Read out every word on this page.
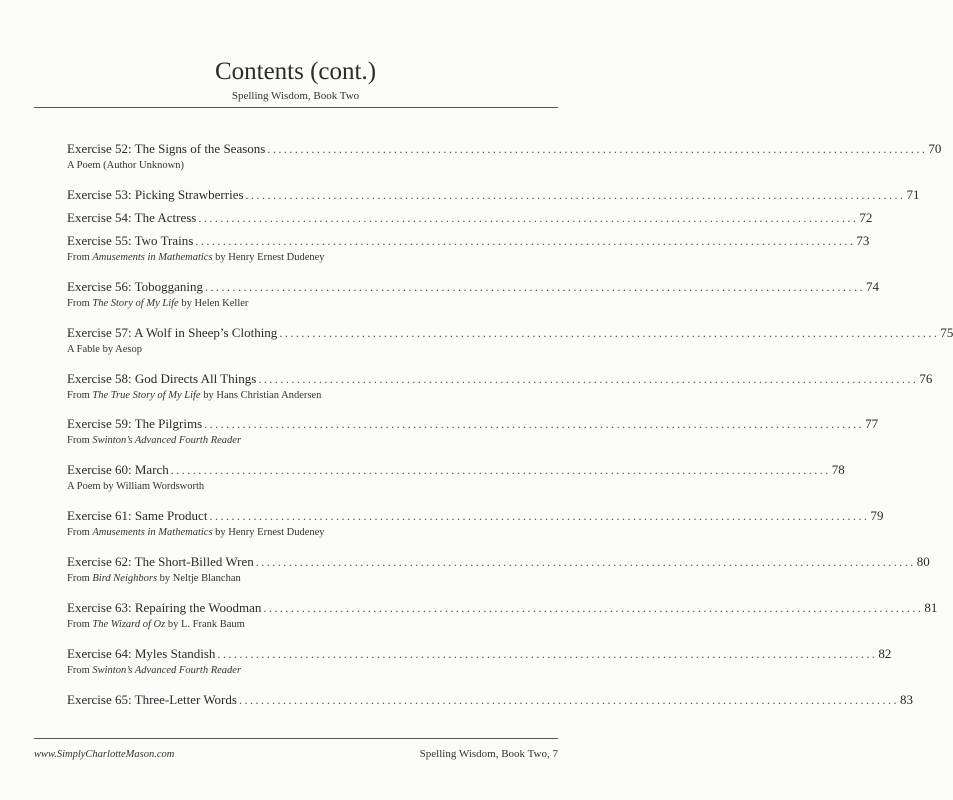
Contents (cont.)
Spelling Wisdom, Book Two
Exercise 52: The Signs of the Seasons ........................................................................................................................ 70
A Poem (Author Unknown)
Exercise 53: Picking Strawberries ........................................................................................................................ 71
Exercise 54: The Actress ........................................................................................................................ 72
Exercise 55: Two Trains ........................................................................................................................ 73
From Amusements in Mathematics by Henry Ernest Dudeney
Exercise 56: Tobogganing ........................................................................................................................ 74
From The Story of My Life by Helen Keller
Exercise 57: A Wolf in Sheep’s Clothing ........................................................................................................................ 75
A Fable by Aesop
Exercise 58: God Directs All Things ........................................................................................................................ 76
From The True Story of My Life by Hans Christian Andersen
Exercise 59: The Pilgrims ........................................................................................................................ 77
From Swinton’s Advanced Fourth Reader
Exercise 60: March ........................................................................................................................ 78
A Poem by William Wordsworth
Exercise 61: Same Product ........................................................................................................................ 79
From Amusements in Mathematics by Henry Ernest Dudeney
Exercise 62: The Short-Billed Wren ........................................................................................................................ 80
From Bird Neighbors by Neltje Blanchan
Exercise 63: Repairing the Woodman ........................................................................................................................ 81
From The Wizard of Oz by L. Frank Baum
Exercise 64: Myles Standish ........................................................................................................................ 82
From Swinton’s Advanced Fourth Reader
Exercise 65: Three-Letter Words ........................................................................................................................ 83
www.SimplyCharlotteMason.com	Spelling Wisdom, Book Two, 7
